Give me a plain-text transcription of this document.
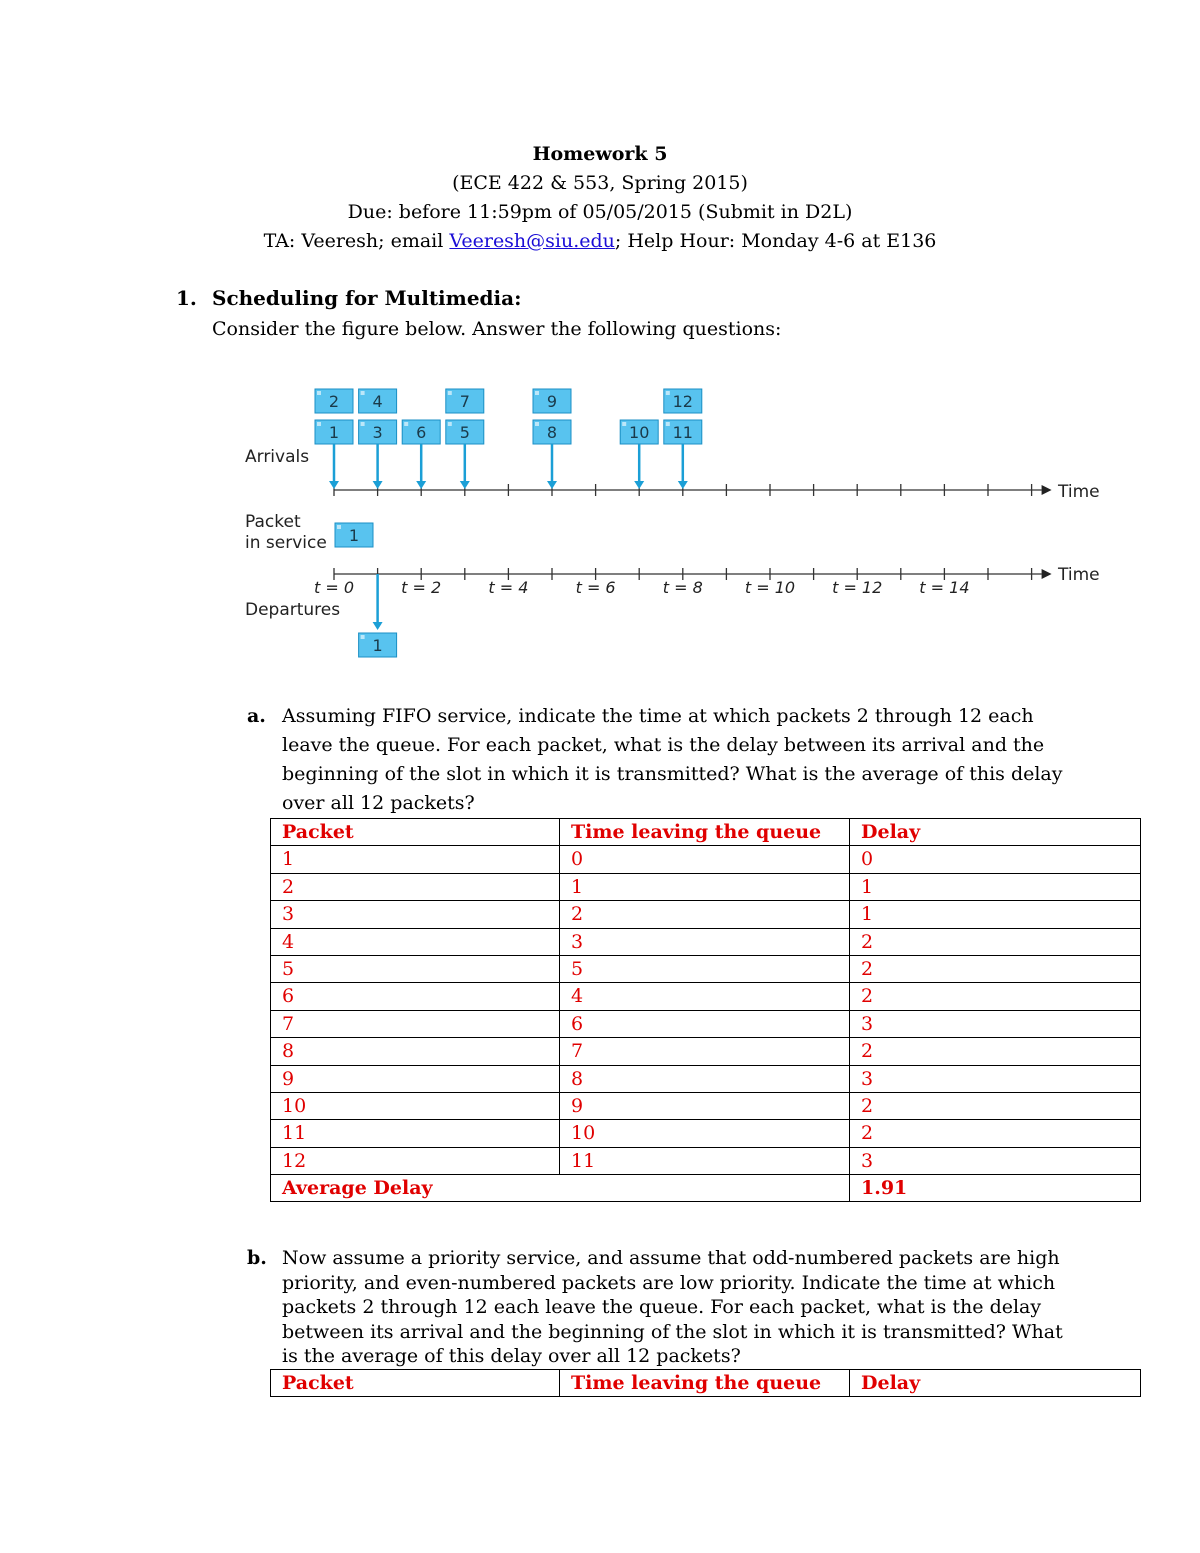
Homework 5
(ECE 422 & 553, Spring 2015)
Due: before 11:59pm of 05/05/2015 (Submit in D2L)
TA: Veeresh; email Veeresh@siu.edu; Help Hour: Monday 4-6 at E136
1. Scheduling for Multimedia:
Consider the figure below. Answer the following questions:
Arrivals
Packet
in service
Departures
Time
Time
1
2
3
4
6 5
7
8
9
10 11
12
1
t = 0	t = 2	t = 4	t = 6	t = 8	t = 10 t = 12 t = 14
1
a. Assuming FIFO service, indicate the time at which packets 2 through 12 each leave the queue. For each packet, what is the delay between its arrival and the beginning of the slot in which it is transmitted? What is the average of this delay over all 12 packets?
Packet	Time leaving the queue	Delay
1	0	0
2	1	1
3	2	1
4	3	2
5	5	2
6	4	2
7	6	3
8	7	2
9	8	3
10	9	2
11	10	2
12	11	3
Average Delay		1.91
b. Now assume a priority service, and assume that odd-numbered packets are high priority, and even-numbered packets are low priority. Indicate the time at which packets 2 through 12 each leave the queue. For each packet, what is the delay between its arrival and the beginning of the slot in which it is transmitted? What is the average of this delay over all 12 packets?
Packet	Time leaving the queue	Delay
